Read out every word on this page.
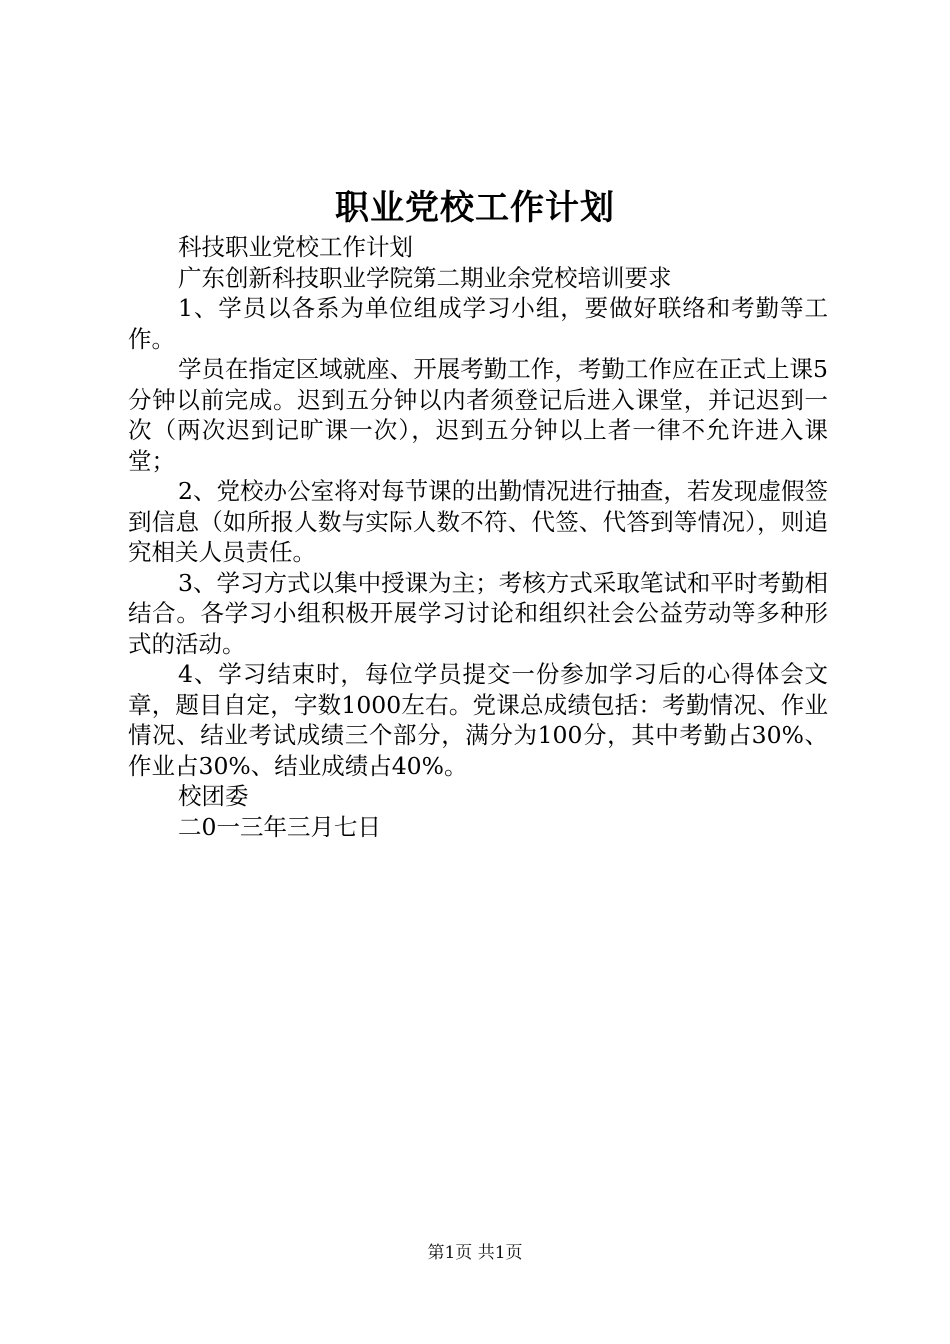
职业党校工作计划

科技职业党校工作计划

广东创新科技职业学院第二期业余党校培训要求

1、学员以各系为单位组成学习小组，要做好联络和考勤等工作。

学员在指定区域就座、开展考勤工作，考勤工作应在正式上课5分钟以前完成。迟到五分钟以内者须登记后进入课堂，并记迟到一次（两次迟到记旷课一次），迟到五分钟以上者一律不允许进入课堂；

2、党校办公室将对每节课的出勤情况进行抽查，若发现虚假签到信息（如所报人数与实际人数不符、代签、代答到等情况），则追究相关人员责任。

3、学习方式以集中授课为主；考核方式采取笔试和平时考勤相结合。各学习小组积极开展学习讨论和组织社会公益劳动等多种形式的活动。

4、学习结束时，每位学员提交一份参加学习后的心得体会文章，题目自定，字数1000左右。党课总成绩包括：考勤情况、作业情况、结业考试成绩三个部分，满分为100分，其中考勤占30%、作业占30%、结业成绩占40%。

校团委

二0一三年三月七日

第1页 共1页
